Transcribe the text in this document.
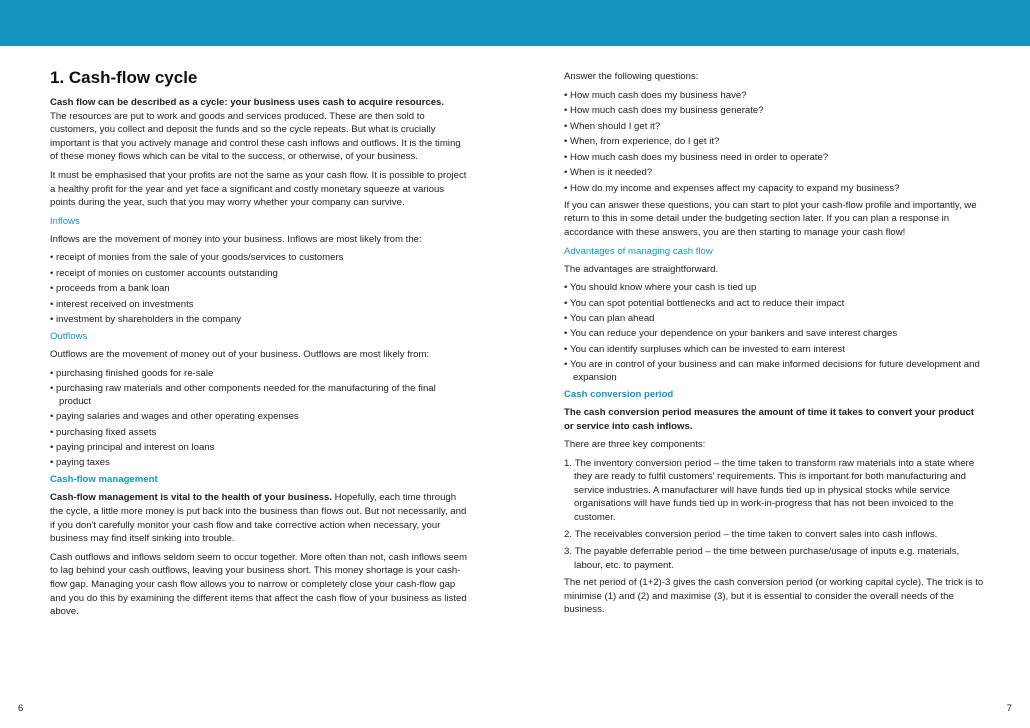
1. Cash-flow cycle

Cash flow can be described as a cycle: your business uses cash to acquire resources.
The resources are put to work and goods and services produced. These are then sold to customers, you collect and deposit the funds and so the cycle repeats. But what is crucially important is that you actively manage and control these cash inflows and outflows. It is the timing of these money flows which can be vital to the success, or otherwise, of your business.

It must be emphasised that your profits are not the same as your cash flow. It is possible to project a healthy profit for the year and yet face a significant and costly monetary squeeze at various points during the year, such that you may worry whether your company can survive.

Inflows

Inflows are the movement of money into your business. Inflows are most likely from the:

• receipt of monies from the sale of your goods/services to customers
• receipt of monies on customer accounts outstanding
• proceeds from a bank loan
• interest received on investments
• investment by shareholders in the company
Outflows

Outflows are the movement of money out of your business. Outflows are most likely from:

• purchasing finished goods for re-sale
• purchasing raw materials and other components needed for the manufacturing of the final product
• paying salaries and wages and other operating expenses
• purchasing fixed assets
• paying principal and interest on loans
• paying taxes
Cash-flow management

Cash-flow management is vital to the health of your business. Hopefully, each time through the cycle, a little more money is put back into the business than flows out. But not necessarily, and if you don't carefully monitor your cash flow and take corrective action when necessary, your business may find itself sinking into trouble.

Cash outflows and inflows seldom seem to occur together. More often than not, cash inflows seem to lag behind your cash outflows, leaving your business short. This money shortage is your cash-flow gap. Managing your cash flow allows you to narrow or completely close your cash-flow gap and you do this by examining the different items that affect the cash flow of your business as listed above.

Answer the following questions:

• How much cash does my business have?
• How much cash does my business generate?
• When should I get it?
• When, from experience, do I get it?
• How much cash does my business need in order to operate?
• When is it needed?
• How do my income and expenses affect my capacity to expand my business?

If you can answer these questions, you can start to plot your cash-flow profile and importantly, we return to this in some detail under the budgeting section later. If you can plan a response in accordance with these answers, you are then starting to manage your cash flow!

Advantages of managing cash flow

The advantages are straightforward.

• You should know where your cash is tied up
• You can spot potential bottlenecks and act to reduce their impact
• You can plan ahead
• You can reduce your dependence on your bankers and save interest charges
• You can identify surpluses which can be invested to earn interest
• You are in control of your business and can make informed decisions for future development and expansion
Cash conversion period

The cash conversion period measures the amount of time it takes to convert your product or service into cash inflows.

There are three key components:

1. The inventory conversion period – the time taken to transform raw materials into a state where they are ready to fulfil customers' requirements. This is important for both manufacturing and service industries. A manufacturer will have funds tied up in physical stocks while service organisations will have funds tied up in work-in-progress that has not been invoiced to the customer.
2. The receivables conversion period – the time taken to convert sales into cash inflows.
3. The payable deferrable period – the time between purchase/usage of inputs e.g. materials, labour, etc. to payment.

The net period of (1+2)-3 gives the cash conversion period (or working capital cycle). The trick is to minimise (1) and (2) and maximise (3), but it is essential to consider the overall needs of the business.

6	7
